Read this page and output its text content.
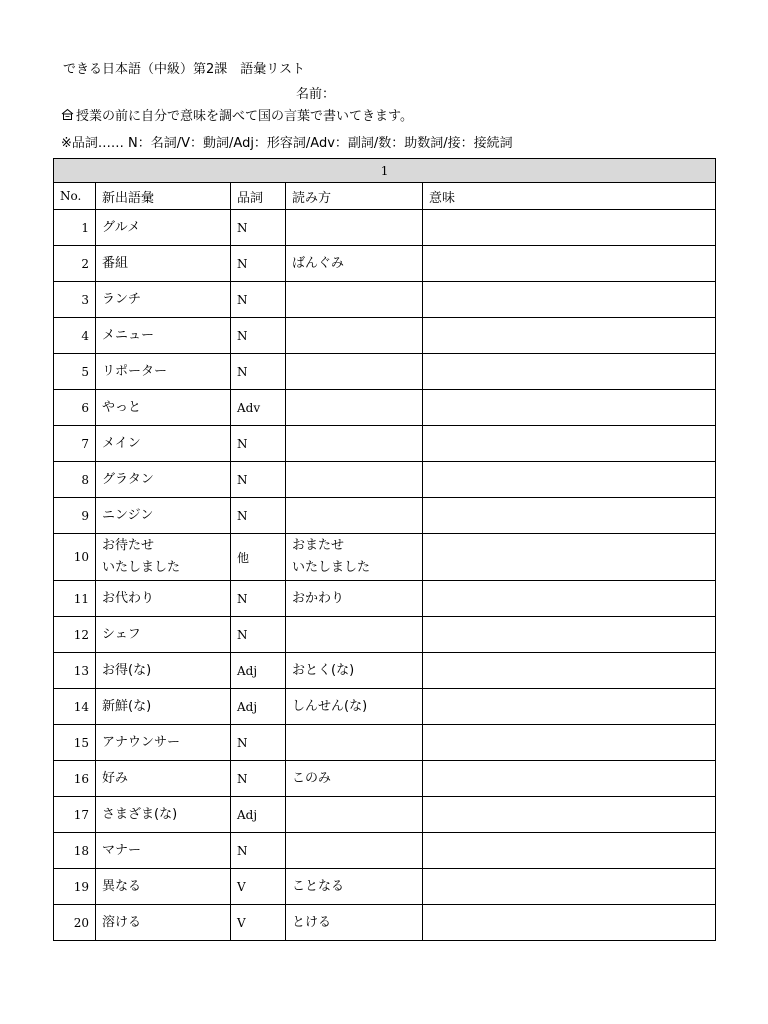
できる日本語（中級）第2課　語彙リスト
名前：
授業の前に自分で意味を調べて国の言葉で書いてきます。
※品詞…… N：名詞/V：動詞/Adj：形容詞/Adv：副詞/数：助数詞/接：接続詞
1				
No.	新出語彙	品詞	読み方	意味
1	グルメ	N		
2	番組	N	ばんぐみ	
3	ランチ	N		
4	メニュー	N		
5	リポーター	N		
6	やっと	Adv		
7	メイン	N		
8	グラタン	N		
9	ニンジン	N		
10	お待たせ
いたしました	他	おまたせ
いたしました	
11	お代わり	N	おかわり	
12	シェフ	N		
13	お得(な)	Adj	おとく(な)	
14	新鮮(な)	Adj	しんせん(な)	
15	アナウンサー	N		
16	好み	N	このみ	
17	さまざま(な)	Adj		
18	マナー	N		
19	異なる	V	ことなる	
20	溶ける	V	とける	
